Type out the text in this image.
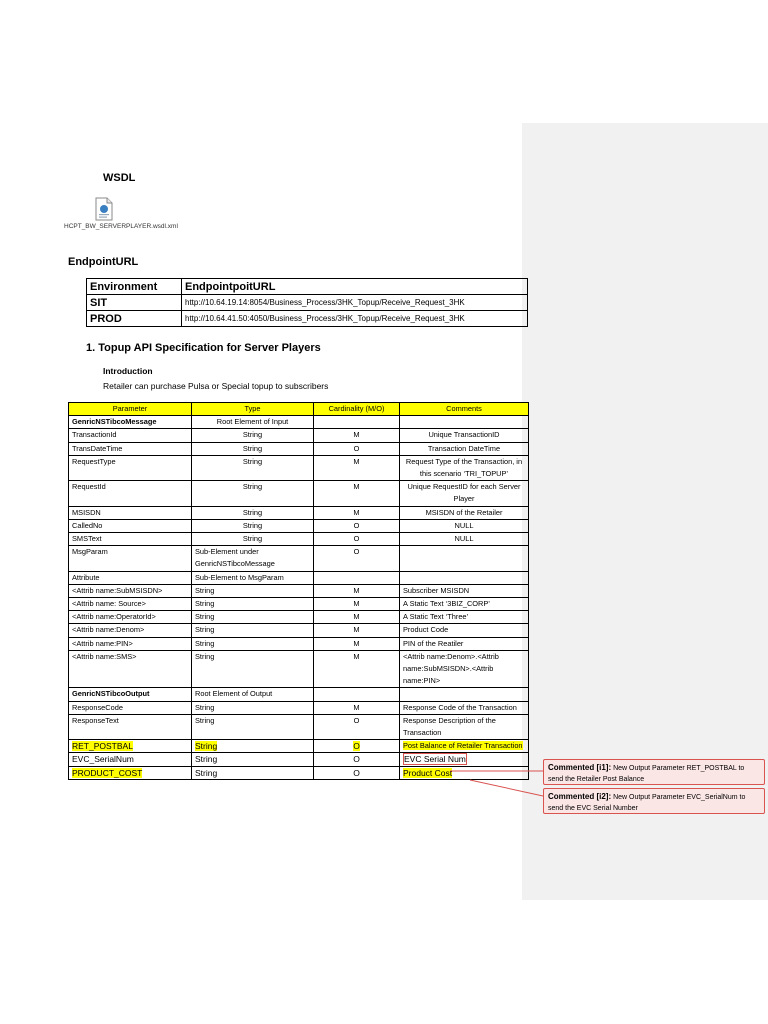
WSDL
HCPT_BW_SERVERPLAYER.wsdl.xml
EndpointURL
Environment	EndpointpoitURL
SIT	http://10.64.19.14:8054/Business_Process/3HK_Topup/Receive_Request_3HK
PROD	http://10.64.41.50:4050/Business_Process/3HK_Topup/Receive_Request_3HK
1. Topup API Specification for Server Players
Introduction
Retailer can purchase Pulsa or Special topup to subscribers
Parameter	Type	Cardinality (M/O)	Comments
GenricNSTibcoMessage	Root Element of Input		
TransactionId	String	M	Unique TransactionID
TransDateTime	String	O	Transaction DateTime
RequestType	String	M	Request Type of the Transaction, in this scenario ‘TRI_TOPUP’
RequestId	String	M	Unique RequestID for each Server Player
MSISDN	String	M	MSISDN of the Retailer
CalledNo	String	O	NULL
SMSText	String	O	NULL
MsgParam	Sub-Element under GenricNSTibcoMessage	O	
Attribute	Sub-Element to MsgParam		
<Attrib name:SubMSISDN>	String	M	Subscriber MSISDN
<Attrib name: Source>	String	M	A Static Text ‘3BIZ_CORP’
<Attrib name:OperatorId>	String	M	A Static Text ‘Three’
<Attrib name:Denom>	String	M	Product Code
<Attrib name:PIN>	String	M	PIN of the Reatiler
<Attrib name:SMS>	String	M	<Attrib name:Denom>.<Attrib name:SubMSISDN>.<Attrib name:PIN>
GenricNSTibcoOutput	Root Element of Output		
ResponseCode	String	M	Response Code of the Transaction
ResponseText	String	O	Response Description of the Transaction
RET_POSTBAL	String	O	Post Balance of Retailer Transaction
EVC_SerialNum	String	O	EVC Serial Num
PRODUCT_COST	String	O	Product Cost
Commented [i1]: New Output Parameter RET_POSTBAL to send the Retailer Post Balance
Commented [i2]: New Output Parameter EVC_SerialNum to send the EVC Serial Number
